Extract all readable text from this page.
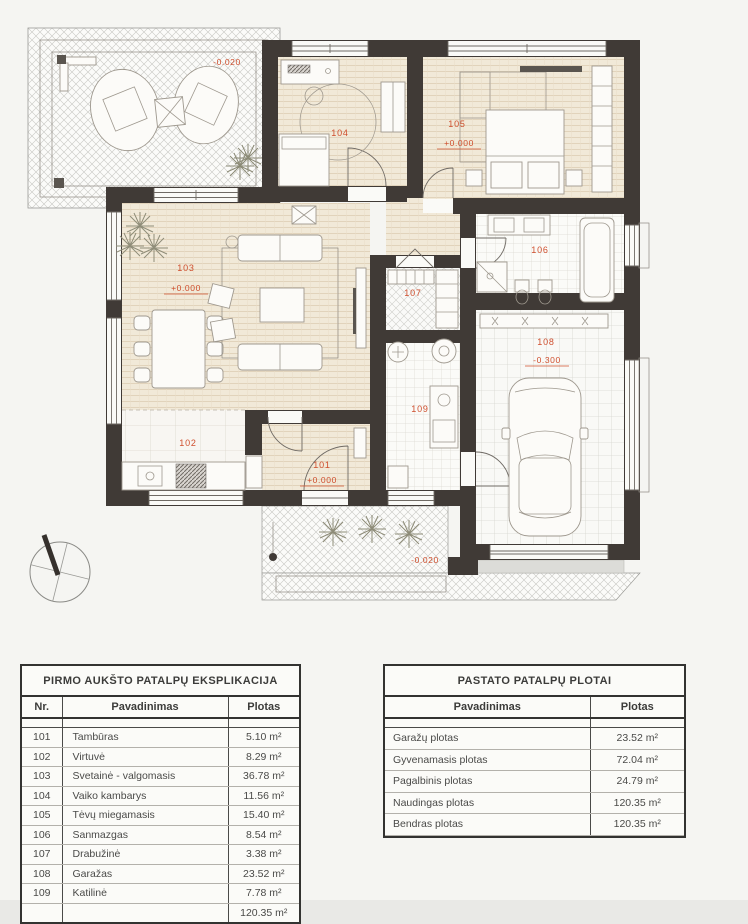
101
+0.000
102
103
+0.000
104
105
+0.000
106
107
108
-0.300
109
-0.020
-0.020
PIRMO AUKŠTO PATALPŲ EKSPLIKACIJA
Nr.	Pavadinimas	Plotas

101	Tambūras	5.10 m²
102	Virtuvė	8.29 m²
103	Svetainė - valgomasis	36.78 m²
104	Vaiko kambarys	11.56 m²
105	Tėvų miegamasis	15.40 m²
106	Sanmazgas	8.54 m²
107	Drabužinė	3.38 m²
108	Garažas	23.52 m²
109	Katilinė	7.78 m²
		120.35 m²
PASTATO PATALPŲ PLOTAI
Pavadinimas	Plotas

Garažų plotas	23.52 m²
Gyvenamasis plotas	72.04 m²
Pagalbinis plotas	24.79 m²
Naudingas plotas	120.35 m²
Bendras plotas	120.35 m²
